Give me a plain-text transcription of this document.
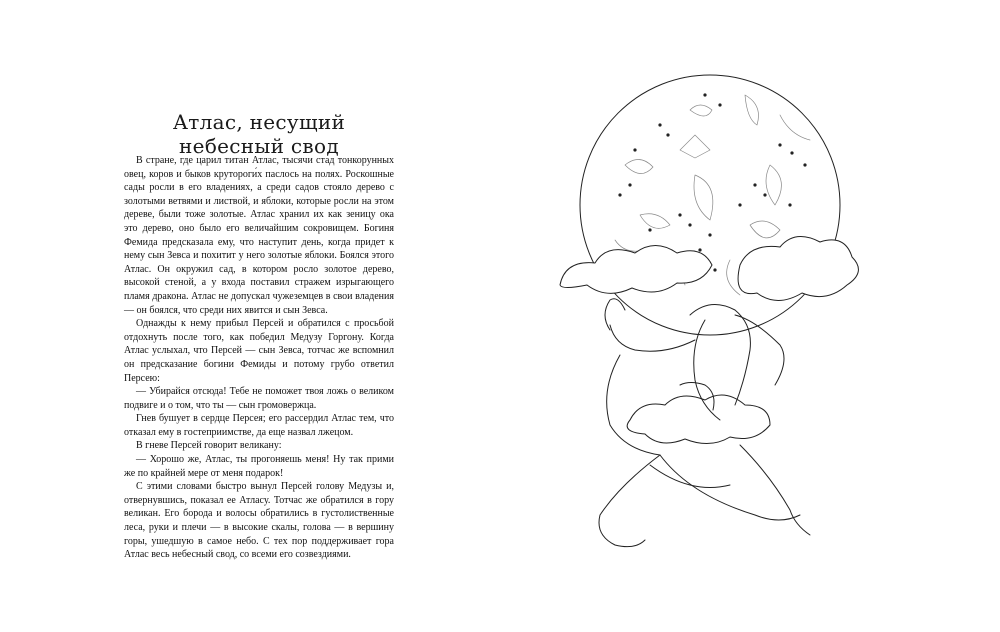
Атлас, несущий
небесный свод

В стране, где царил титан Атлас, тысячи стад тонкорунных овец, коров и быков крутороги́х паслось на полях. Роскошные сады росли в его владениях, а среди садов стояло дерево с золотыми ветвями и листвой, и яблоки, которые росли на этом дереве, были тоже золотые. Атлас хранил их как зеницу ока это дерево, оно было его величайшим сокровищем. Богиня Фемида предсказала ему, что наступит день, когда придет к нему сын Зевса и похитит у него золотые яблоки. Боялся этого Атлас. Он окружил сад, в котором росло золотое дерево, высокой стеной, а у входа поставил стражем изрыгающего пламя дракона. Атлас не допускал чужеземцев в свои владения — он боялся, что среди них явится и сын Зевса.

Однажды к нему прибыл Персей и обратился с просьбой отдохнуть после того, как победил Медузу Горгону. Когда Атлас услыхал, что Персей — сын Зевса, тотчас же вспомнил он предсказание богини Фемиды и потому грубо ответил Персею:

— Убирайся отсюда! Тебе не поможет твоя ложь о великом подвиге и о том, что ты — сын громовержца.

Гнев бушует в сердце Персея; его рассердил Атлас тем, что отказал ему в гостеприимстве, да еще назвал лжецом.

В гневе Персей говорит великану:

— Хорошо же, Атлас, ты прогоняешь меня! Ну так прими же по крайней мере от меня подарок!

С этими словами быстро вынул Персей голову Медузы и, отвернувшись, показал ее Атласу. Тотчас же обратился в гору великан. Его борода и волосы обратились в густолиственные леса, руки и плечи — в высокие скалы, голова — в вершину горы, ушедшую в самое небо. С тех пор поддерживает гора Атлас весь небесный свод, со всеми его созвездиями.
